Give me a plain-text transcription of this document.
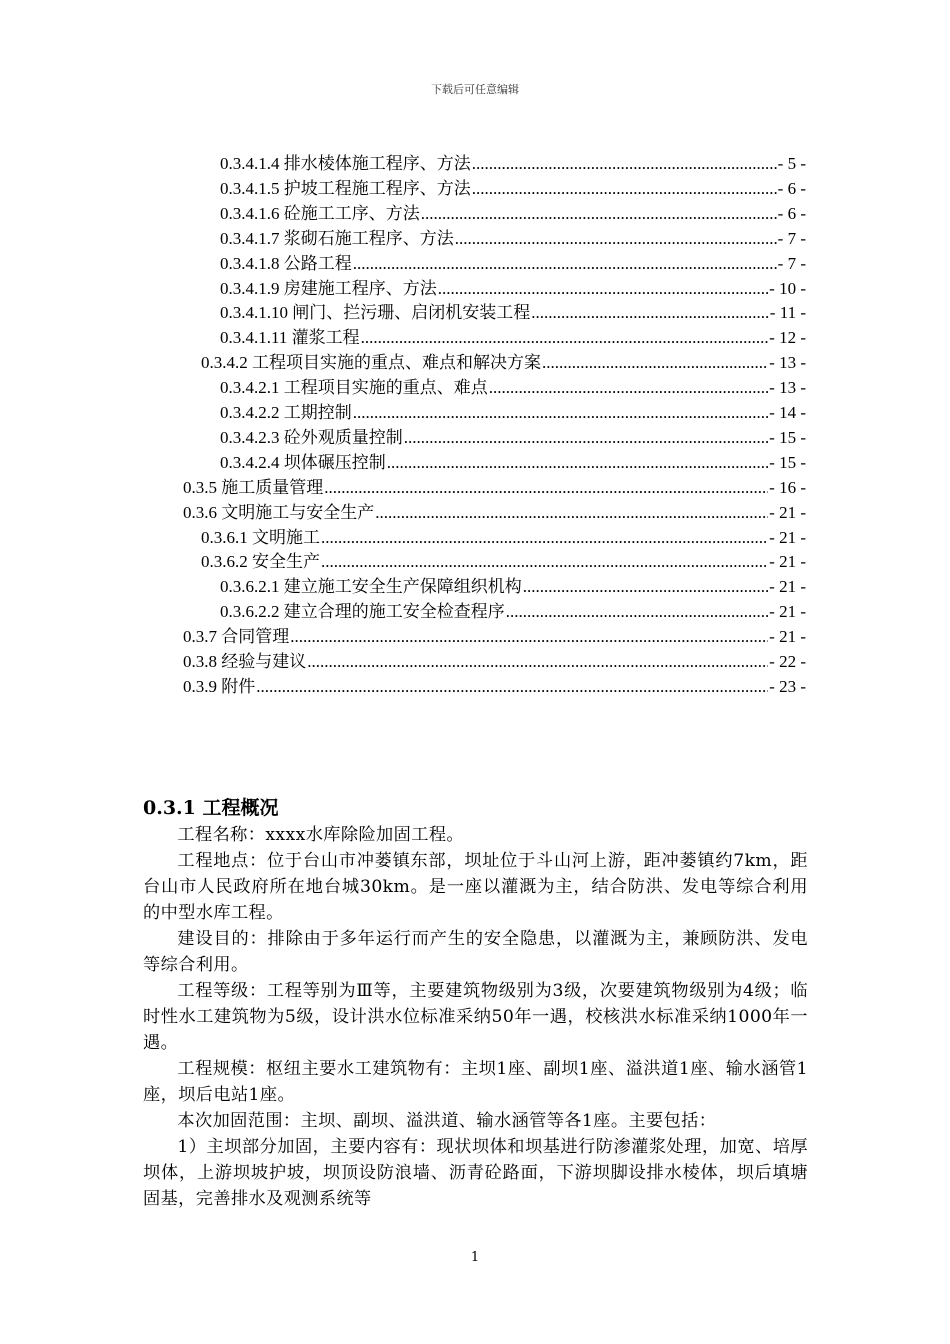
下载后可任意编辑
0.3.4.1.4 排水棱体施工程序、方法 .....	- 5 -
0.3.4.1.5 护坡工程施工程序、方法 .....	- 6 -
0.3.4.1.6 砼施工工序、方法 .....	- 6 -
0.3.4.1.7 浆砌石施工程序、方法 .....	- 7 -
0.3.4.1.8 公路工程 .....	- 7 -
0.3.4.1.9 房建施工程序、方法 .....	- 10 -
0.3.4.1.10 闸门、拦污珊、启闭机安装工程 .....	- 11 -
0.3.4.1.11 灌浆工程 .....	- 12 -
0.3.4.2 工程项目实施的重点、难点和解决方案 .....	- 13 -
0.3.4.2.1 工程项目实施的重点、难点 .....	- 13 -
0.3.4.2.2 工期控制 .....	- 14 -
0.3.4.2.3 砼外观质量控制 .....	- 15 -
0.3.4.2.4 坝体碾压控制 .....	- 15 -
0.3.5 施工质量管理 .....	- 16 -
0.3.6 文明施工与安全生产 .....	- 21 -
0.3.6.1 文明施工 .....	- 21 -
0.3.6.2 安全生产 .....	- 21 -
0.3.6.2.1 建立施工安全生产保障组织机构 .....	- 21 -
0.3.6.2.2 建立合理的施工安全检查程序 .....	- 21 -
0.3.7 合同管理 .....	- 21 -
0.3.8 经验与建议 .....	- 22 -
0.3.9 附件 .....	- 23 -
0.3.1 工程概况

工程名称：xxxx水库除险加固工程。

工程地点：位于台山市冲蒌镇东部，坝址位于斗山河上游，距冲蒌镇约7km，距台山市人民政府所在地台城30km。是一座以灌溉为主，结合防洪、发电等综合利用的中型水库工程。

建设目的：排除由于多年运行而产生的安全隐患，以灌溉为主，兼顾防洪、发电等综合利用。

工程等级：工程等别为Ⅲ等，主要建筑物级别为3级，次要建筑物级别为4级；临时性水工建筑物为5级，设计洪水位标准采纳50年一遇，校核洪水标准采纳1000年一遇。

工程规模：枢纽主要水工建筑物有：主坝1座、副坝1座、溢洪道1座、输水涵管1座，坝后电站1座。

本次加固范围：主坝、副坝、溢洪道、输水涵管等各1座。主要包括：

1）主坝部分加固，主要内容有：现状坝体和坝基进行防渗灌浆处理，加宽、培厚坝体，上游坝坡护坡，坝顶设防浪墙、沥青砼路面，下游坝脚设排水棱体，坝后填塘固基，完善排水及观测系统等

1
